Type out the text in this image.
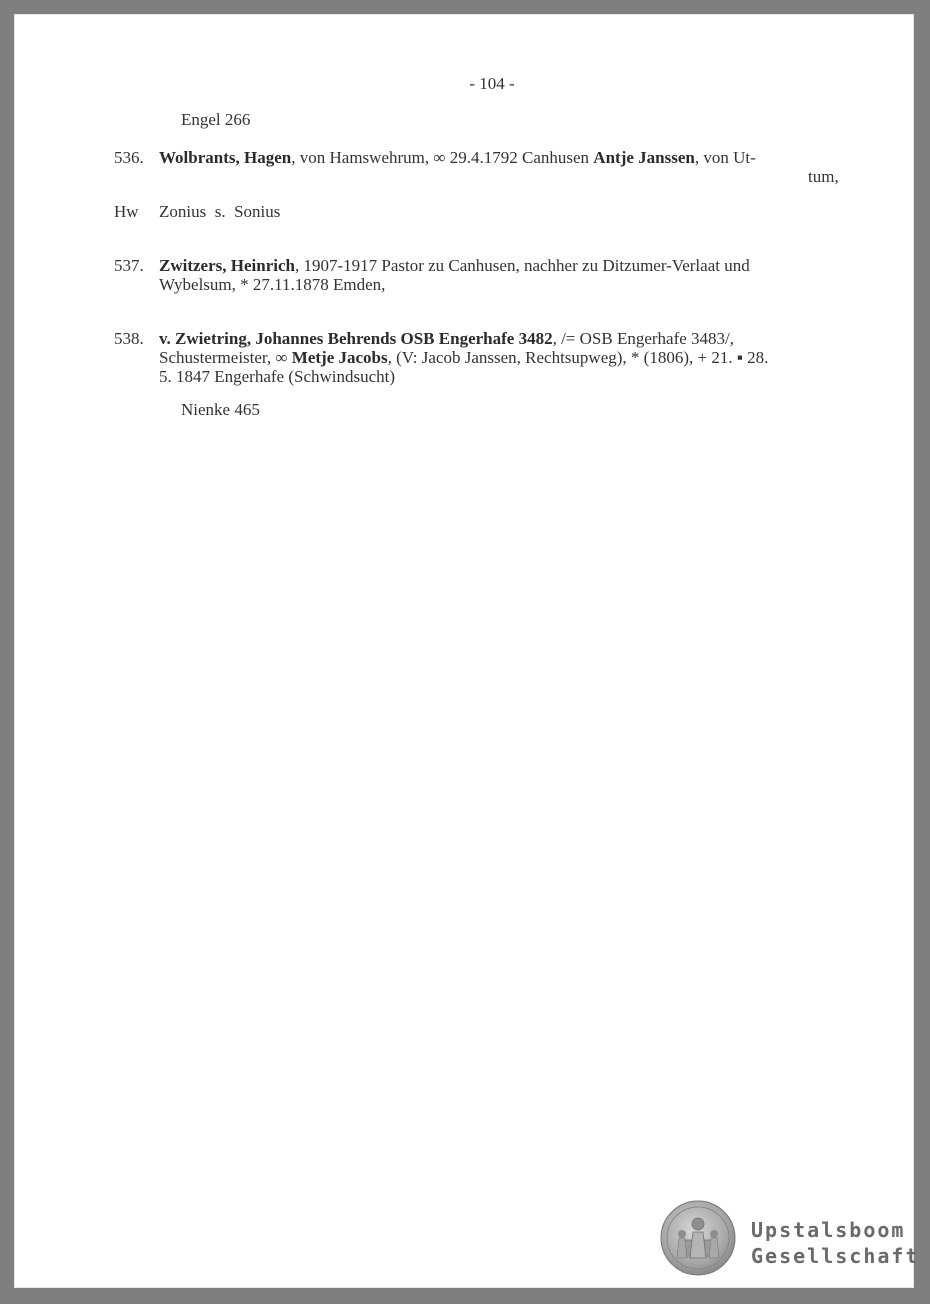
- 104 -
Engel 266
536. Wolbrants, Hagen, von Hamswehrum, ∞ 29.4.1792 Canhusen Antje Janssen, von Ut-
tum,
Hw Zonius  s.  Sonius
537. Zwitzers, Heinrich, 1907-1917 Pastor zu Canhusen, nachher zu Ditzumer-Verlaat und
Wybelsum, * 27.11.1878 Emden,
538. v. Zwietring, Johannes Behrends OSB Engerhafe 3482, /= OSB Engerhafe 3483/,
Schustermeister, ∞ Metje Jacobs, (V: Jacob Janssen, Rechtsupweg), * (1806), + 21. ▪ 28.
5. 1847 Engerhafe (Schwindsucht)
Nienke 465
Upstalsboom
Gesellschaft
